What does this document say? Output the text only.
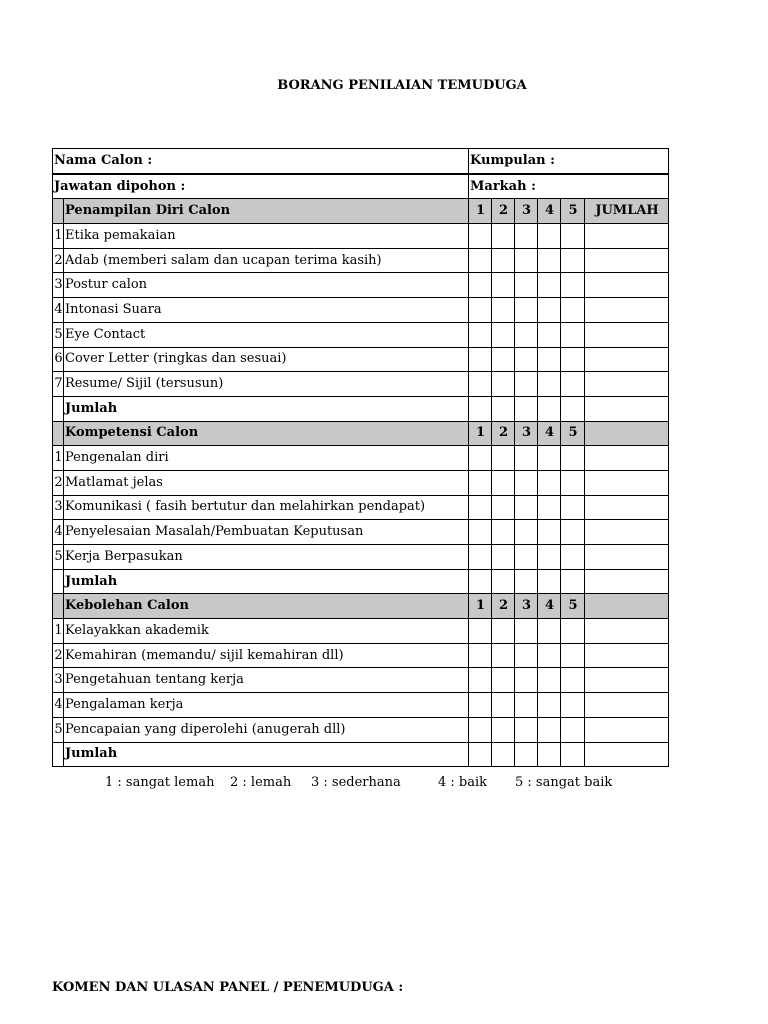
BORANG PENILAIAN TEMUDUGA
Nama Calon :		Kumpulan :					
Jawatan dipohon :		Markah :					
	Penampilan Diri Calon	1	2	3	4	5	JUMLAH
1	Etika pemakaian						
2	Adab (memberi salam dan ucapan terima kasih)						
3	Postur calon						
4	Intonasi Suara						
5	Eye Contact						
6	Cover Letter (ringkas dan sesuai)						
7	Resume/ Sijil (tersusun)						
	Jumlah						
	Kompetensi Calon	1	2	3	4	5	
1	Pengenalan diri						
2	Matlamat jelas						
3	Komunikasi ( fasih bertutur dan melahirkan pendapat)						
4	Penyelesaian Masalah/Pembuatan Keputusan						
5	Kerja Berpasukan						
	Jumlah						
	Kebolehan Calon	1	2	3	4	5	
1	Kelayakkan akademik						
2	Kemahiran (memandu/ sijil kemahiran dll)						
3	Pengetahuan tentang kerja						
4	Pengalaman kerja						
5	Pencapaian yang diperolehi (anugerah dll)						
	Jumlah						
1 : sangat lemah 2 : lemah 3 : sederhana	4 : baik 5 : sangat baik
KOMEN DAN ULASAN PANEL / PENEMUDUGA :
